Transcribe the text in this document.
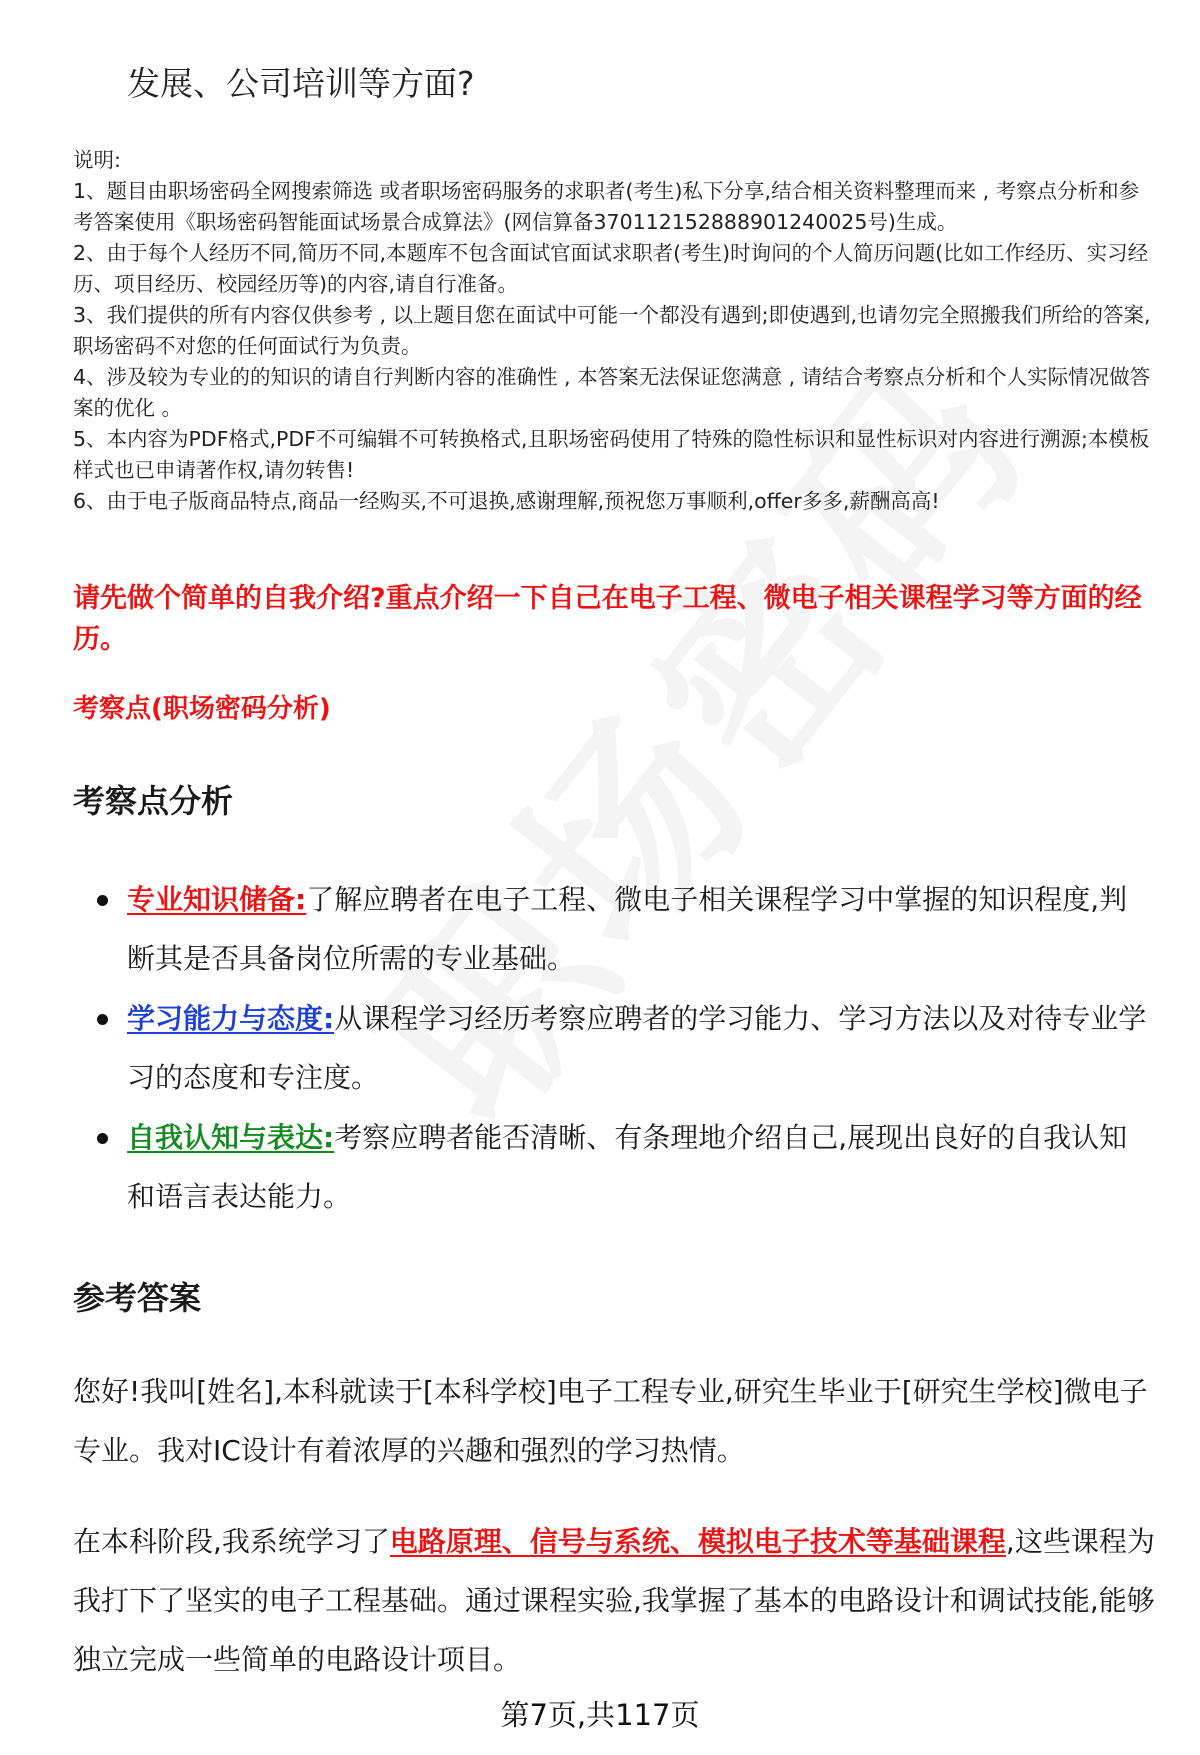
发展、公司培训等方面?

说明:

1、题目由职场密码全网搜索筛选 或者职场密码服务的求职者(考生)私下分享,结合相关资料整理而来 , 考察点分析和参考答案使用《职场密码智能面试场景合成算法》(网信算备370112152888901240025号)生成。

2、由于每个人经历不同,简历不同,本题库不包含面试官面试求职者(考生)时询问的个人简历问题(比如工作经历、实习经历、项目经历、校园经历等)的内容,请自行准备。

3、我们提供的所有内容仅供参考 , 以上题目您在面试中可能一个都没有遇到;即使遇到,也请勿完全照搬我们所给的答案,职场密码不对您的任何面试行为负责。

4、涉及较为专业的的知识的请自行判断内容的准确性 , 本答案无法保证您满意 , 请结合考察点分析和个人实际情况做答案的优化 。

5、本内容为PDF格式,PDF不可编辑不可转换格式,且职场密码使用了特殊的隐性标识和显性标识对内容进行溯源;本模板样式也已申请著作权,请勿转售!

6、由于电子版商品特点,商品一经购买,不可退换,感谢理解,预祝您万事顺利,offer多多,薪酬高高!

请先做个简单的自我介绍?重点介绍一下自己在电子工程、微电子相关课程学习等方面的经历。
考察点(职场密码分析)
考察点分析
专业知识储备:了解应聘者在电子工程、微电子相关课程学习中掌握的知识程度,判断其是否具备岗位所需的专业基础。
学习能力与态度:从课程学习经历考察应聘者的学习能力、学习方法以及对待专业学习的态度和专注度。
自我认知与表达:考察应聘者能否清晰、有条理地介绍自己,展现出良好的自我认知和语言表达能力。
参考答案

您好!我叫[姓名],本科就读于[本科学校]电子工程专业,研究生毕业于[研究生学校]微电子专业。我对IC设计有着浓厚的兴趣和强烈的学习热情。

在本科阶段,我系统学习了电路原理、信号与系统、模拟电子技术等基础课程,这些课程为我打下了坚实的电子工程基础。通过课程实验,我掌握了基本的电路设计和调试技能,能够独立完成一些简单的电路设计项目。

第7页,共117页
